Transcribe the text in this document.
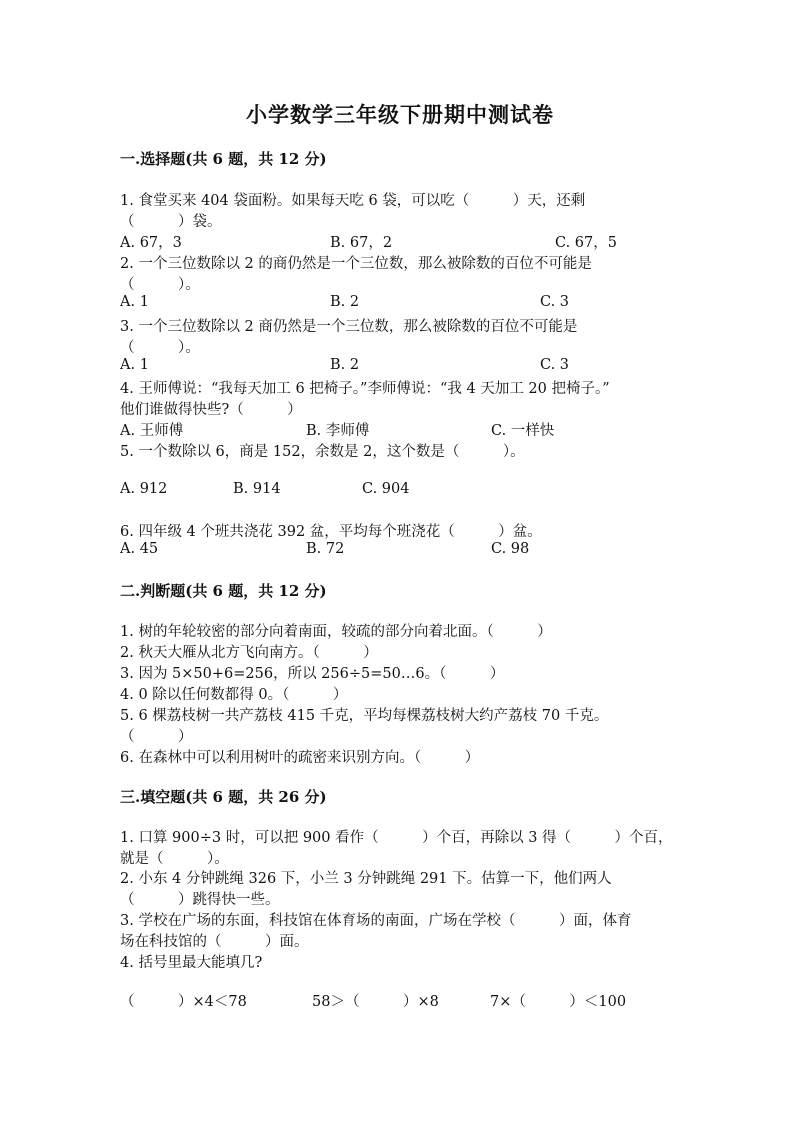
小学数学三年级下册期中测试卷
一.选择题(共 6 题，共 12 分)
1. 食堂买来 404 袋面粉。如果每天吃 6 袋，可以吃（　　　）天，还剩
（　　　）袋。
A. 67，3	B. 67，2	C. 67，5
2. 一个三位数除以 2 的商仍然是一个三位数，那么被除数的百位不可能是
（　　　）。
A. 1	B. 2	C. 3
3. 一个三位数除以 2 商仍然是一个三位数，那么被除数的百位不可能是
（　　　）。
A. 1	B. 2	C. 3
4. 王师傅说：“我每天加工 6 把椅子。”李师傅说：“我 4 天加工 20 把椅子。”
他们谁做得快些?（　　　）
A. 王师傅	B. 李师傅	C. 一样快
5. 一个数除以 6，商是 152，余数是 2，这个数是（　　　）。
A. 912	B. 914	C. 904
6. 四年级 4 个班共浇花 392 盆，平均每个班浇花（　　　）盆。
A. 45	B. 72	C. 98
二.判断题(共 6 题，共 12 分)
1. 树的年轮较密的部分向着南面，较疏的部分向着北面。（　　　）
2. 秋天大雁从北方飞向南方。（　　　）
3. 因为 5×50+6=256，所以 256÷5=50…6。（　　　）
4. 0 除以任何数都得 0。（　　　）
5. 6 棵荔枝树一共产荔枝 415 千克，平均每棵荔枝树大约产荔枝 70 千克。
（　　　）
6. 在森林中可以利用树叶的疏密来识别方向。（　　　）
三.填空题(共 6 题，共 26 分)
1. 口算 900÷3 时，可以把 900 看作（　　　）个百，再除以 3 得（　　　）个百，
就是（　　　）。
2. 小东 4 分钟跳绳 326 下，小兰 3 分钟跳绳 291 下。估算一下，他们两人
（　　　）跳得快一些。
3. 学校在广场的东面，科技馆在体育场的南面，广场在学校（　　　）面，体育
场在科技馆的（　　　）面。
4. 括号里最大能填几?
（　　　）×4＜78	58＞（　　　）×8	7×（　　　）＜100
